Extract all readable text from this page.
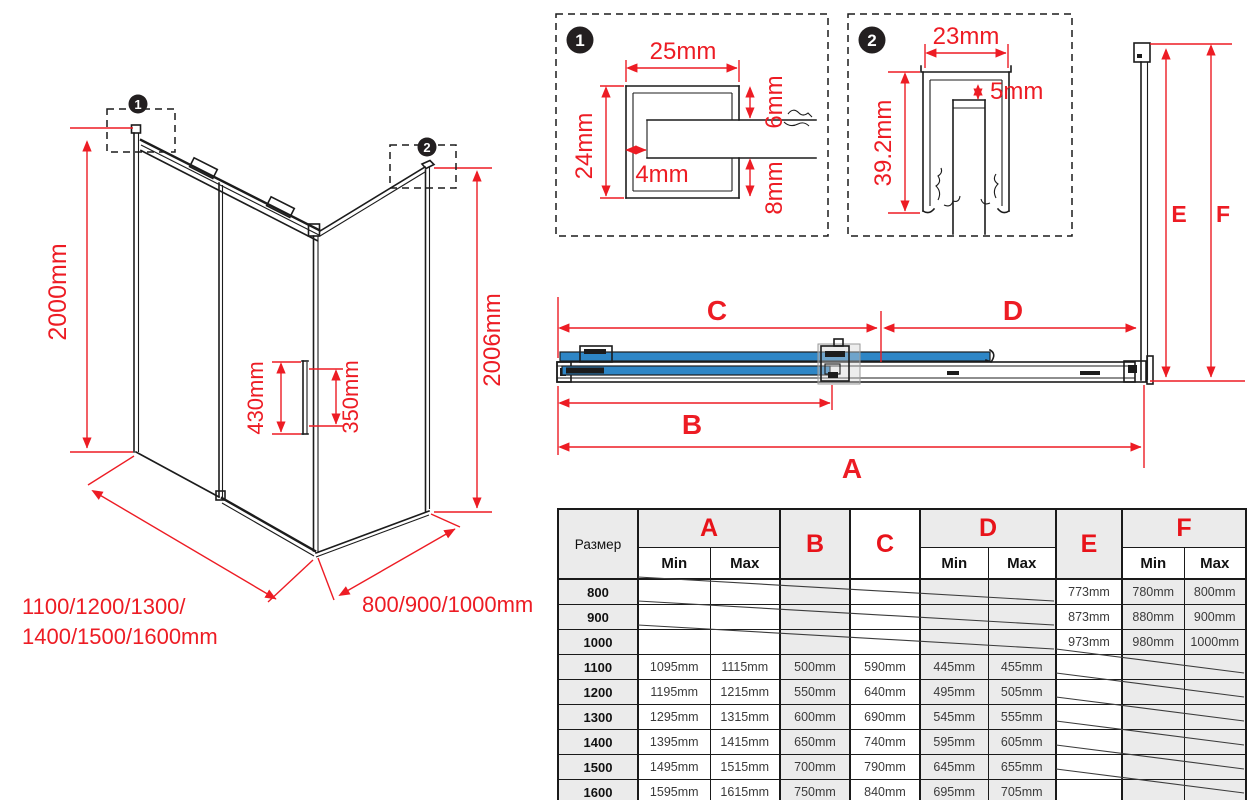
2000mm
430mm	350mm
2006mm
1100/1200/1300/
1400/1500/1600mm
800/900/1000mm
1
2
1	25mm
24mm 4mm
6mm
8mm
2 23mm
5mm
39.2mm
C	D
B
A
E F
Размер	A		B	C	D		E	F	
	Min	Max			Min	Max		Min	Max
800							773mm	780mm	800mm
900							873mm	880mm	900mm
1000							973mm	980mm	1000mm
1100	1095mm	1115mm	500mm	590mm	445mm	455mm			
1200	1195mm	1215mm	550mm	640mm	495mm	505mm			
1300	1295mm	1315mm	600mm	690mm	545mm	555mm			
1400	1395mm	1415mm	650mm	740mm	595mm	605mm			
1500	1495mm	1515mm	700mm	790mm	645mm	655mm			
1600	1595mm	1615mm	750mm	840mm	695mm	705mm			
